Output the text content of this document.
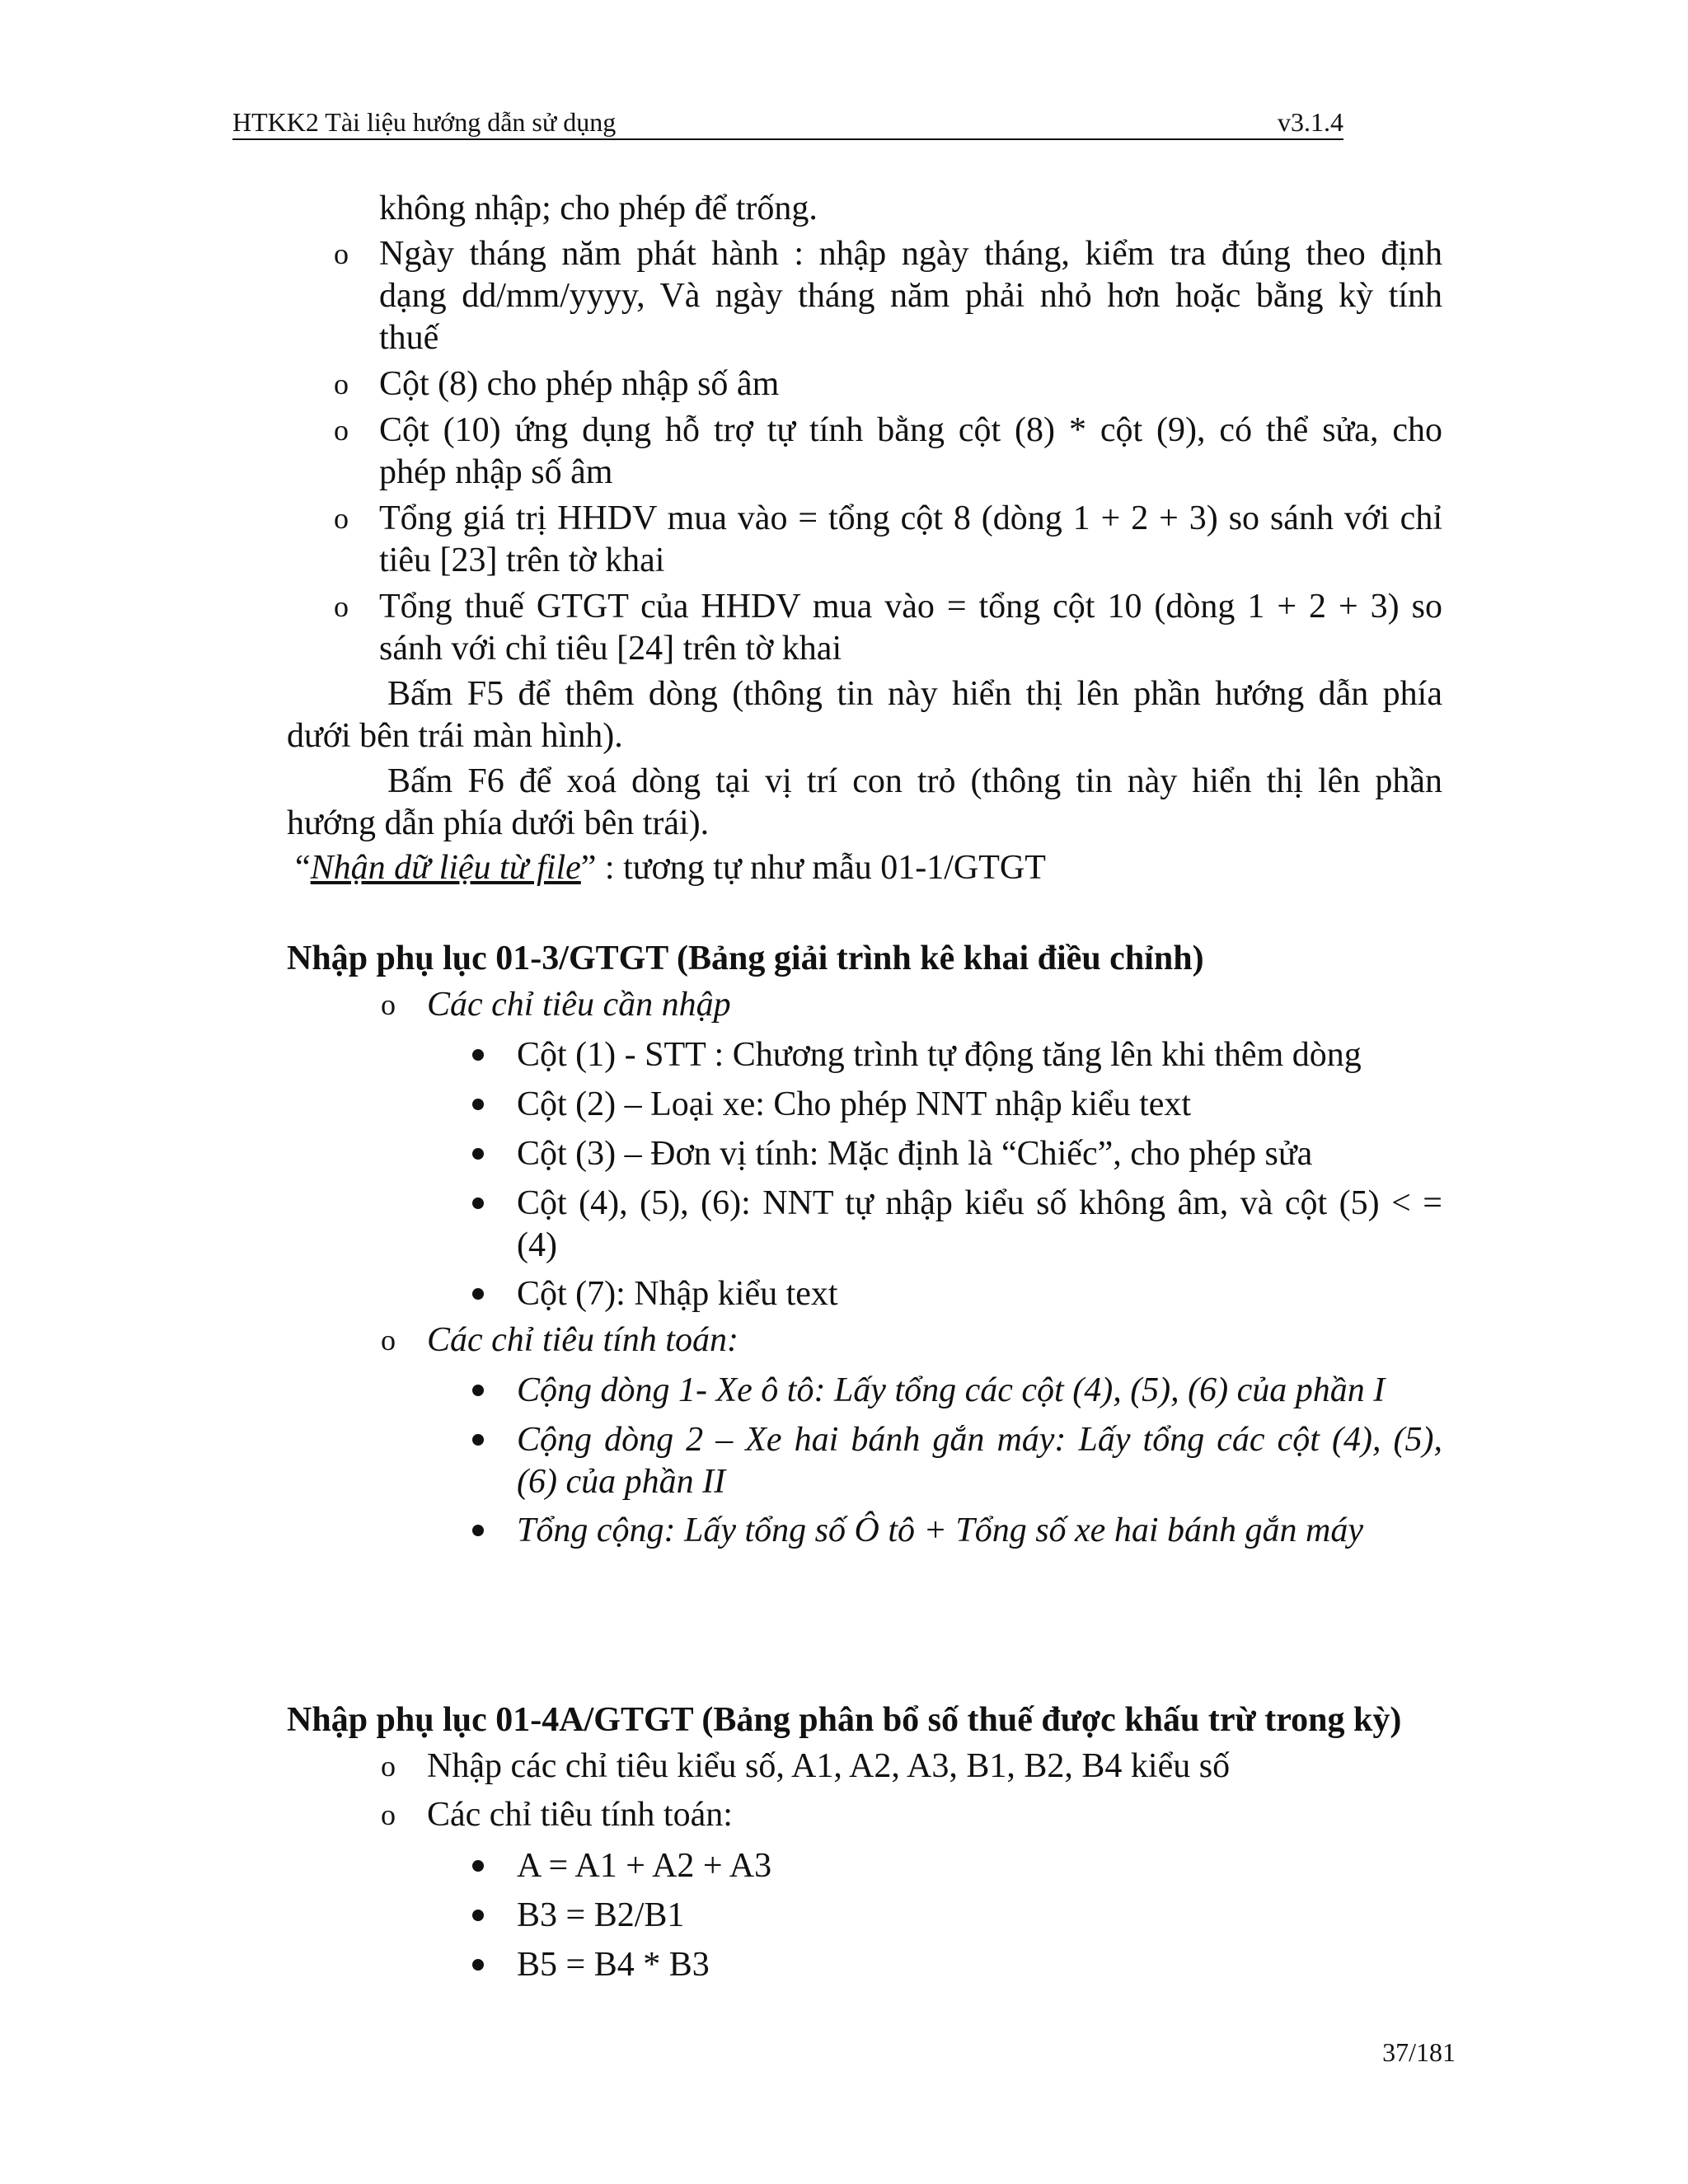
HTKK2 Tài liệu hướng dẫn sử dụng	v3.1.4
không nhập; cho phép để trống.
o Ngày tháng năm phát hành : nhập ngày tháng, kiểm tra đúng theo định
dạng dd/mm/yyyy, Và ngày tháng năm phải nhỏ hơn hoặc bằng kỳ tính
thuế
o Cột (8) cho phép nhập số âm
o Cột (10) ứng dụng hỗ trợ tự tính bằng cột (8) * cột (9), có thể sửa, cho
phép nhập số âm
o Tổng giá trị HHDV mua vào = tổng cột 8 (dòng 1 + 2 + 3) so sánh với chỉ
tiêu [23] trên tờ khai
o Tổng thuế GTGT của HHDV mua vào = tổng cột 10 (dòng 1 + 2 + 3) so
sánh với chỉ tiêu [24] trên tờ khai
Bấm F5 để thêm dòng (thông tin này hiển thị lên phần hướng dẫn phía
dưới bên trái màn hình).
Bấm F6 để xoá dòng tại vị trí con trỏ (thông tin này hiển thị lên phần
hướng dẫn phía dưới bên trái).
“Nhận dữ liệu từ file” : tương tự như mẫu 01-1/GTGT
Nhập phụ lục 01-3/GTGT (Bảng giải trình kê khai điều chỉnh)
o Các chỉ tiêu cần nhập
Cột (1) - STT : Chương trình tự động tăng lên khi thêm dòng
Cột (2) – Loại xe: Cho phép NNT nhập kiểu text
Cột (3) – Đơn vị tính: Mặc định là “Chiếc”, cho phép sửa
Cột (4), (5), (6): NNT tự nhập kiểu số không âm, và cột (5) < =
(4)
Cột (7): Nhập kiểu text
o Các chỉ tiêu tính toán:
Cộng dòng 1- Xe ô tô: Lấy tổng các cột (4), (5), (6) của phần I
Cộng dòng 2 – Xe hai bánh gắn máy: Lấy tổng các cột (4), (5),
(6) của phần II
Tổng cộng: Lấy tổng số Ô tô + Tổng số xe hai bánh gắn máy
Nhập phụ lục 01-4A/GTGT (Bảng phân bổ số thuế được khấu trừ trong kỳ)
o Nhập các chỉ tiêu kiểu số, A1, A2, A3, B1, B2, B4 kiểu số
o Các chỉ tiêu tính toán:
A = A1 + A2 + A3
B3 = B2/B1
B5 = B4 * B3
37/181
